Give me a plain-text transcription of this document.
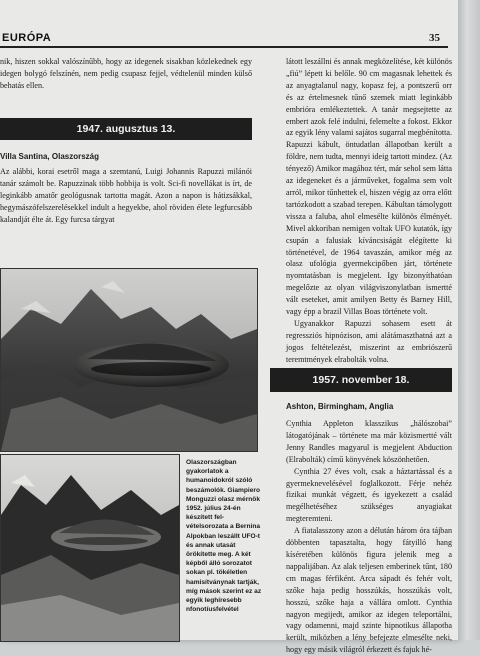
EURÓPA	35

nik, hiszen sokkal valószínűbb, hogy az idegenek sisakban közlekednek egy idegen bolygó felszínén, nem pedig csupasz fejjel, védtelenül minden külső behatás ellen.

1947. augusztus 13.
Villa Santina, Olaszország

Az alábbi, korai esetről maga a szemtanú, Luigi Johannis Rapuzzi milánói tanár számolt be. Rapuzzinak több hobbija is volt. Sci-fi novellákat is írt, de leginkább amatőr geológusnak tartotta magát. Azon a napon is hátizsákkal, hegymászófelszerelésekkel indult a hegyekbe, ahol röviden élete legfurcsább kalandját élte át. Egy furcsa tárgyat

Olaszországban gyakorlatok a humanoidokról szóló beszámolók. Giampiero Monguzzi olasz mérnök 1952. július 24-én készített felvételsorozata a Bernina Alpokban leszállt UFO-t és annak utasát örökítette meg. A két képből álló sorozatot sokan pl. tökéletlen hamisítványnak tartják, míg mások szerint ez az egyik leghíresebb nfonotíusfelvétel

látott leszállni és annak megközelítése, két különös „fiú” lépett ki belőle. 90 cm magasnak lehettek és az anyagtalanul nagy, kopasz fej, a pontszerű orr és az értelmesnek tűnő szemek miatt leginkább embrióra emlékeztettek. A tanár megsejtette az embert azok felé indulni, felemelte a fokost. Ekkor az egyik lény valami sajátos sugarral megbénította. Rapuzzi kábult, öntudatlan állapotban került a földre, nem tudta, mennyi ideig tartott mindez. (Az tényező) Amikor magához tért, már sehol sem látta az idegeneket és a járműveket, fogalma sem volt arról, mikor tűnhettek el, hiszen végig az orra előtt tartózkodott a szabad terepen. Kábultan támolygott vissza a faluba, ahol elmesélte különös élményét. Mivel akkoriban nemigen voltak UFO kutatók, így csupán a falusiak kíváncsiságát elégítette ki történetével, de 1964 tavaszán, amikor még az olasz ufológia gyermekcipőben járt, története nyomtatásban is megjelent. Igy bizonyíthatóan megelőzte az olyan világviszonylatban ismertté vált eseteket, amit amilyen Betty és Barney Hill, vagy épp a brazil Villas Boas története volt.

Ugyanakkor Rapuzzi sohasem esett át regressziós hipnózison, ami alátámaszthatná azt a jogos feltételezést, miszerint az embriószerű teremtmények elrabolták volna.

1957. november 18.
Ashton, Birmingham, Anglia

Cynthia Appleton klasszikus „hálószobai” látogatójának – története ma már közismertté vált Jenny Randles magyarul is megjelent Abduction (Elrabolták) című könyvének köszönhetően.

Cynthia 27 éves volt, csak a háztartással és a gyermeknevelésével foglalkozott. Férje nehéz fizikai munkát végzett, és igyekezett a család megélhetéséhez szükséges anyagiakat megteremteni.

A fiatalasszony azon a délután három óra tájban döbbenten tapasztalta, hogy fátyilló hang kíséretében különös figura jelenik meg a nappalijában. Az alak teljesen emberinek tűnt, 180 cm magas férfiként. Arca sápadt és fehér volt, szőke haja pedig hosszúkás, hosszúkás volt, hosszú, szőke haja a vállára omlott. Cynthia nagyon megijedt, amikor az idegen teleportálni, vagy odamenni, majd szinte hipnotikus állapotba került, miközben a lény befejezte elmesélte neki, hogy egy másik világról érkezett és fajuk hé-
